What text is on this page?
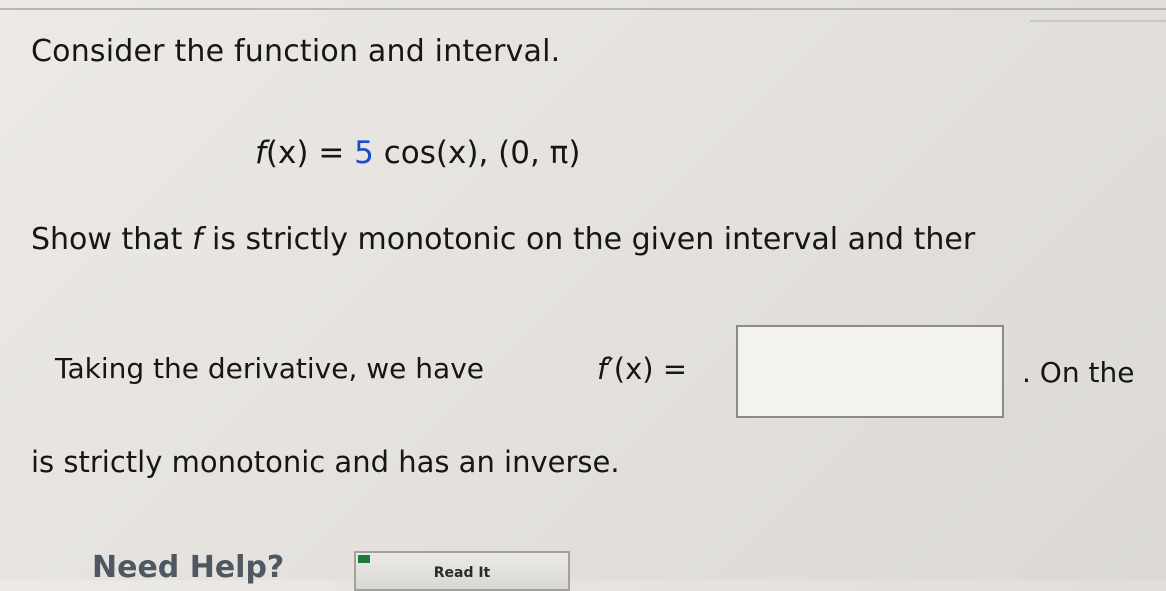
Consider the function and interval.
f(x) = 5 cos(x), (0, π)
Show that f is strictly monotonic on the given interval and ther
Taking the derivative, we have	f′(x) =	. On the
is strictly monotonic and has an inverse.
Need Help?	Read It
